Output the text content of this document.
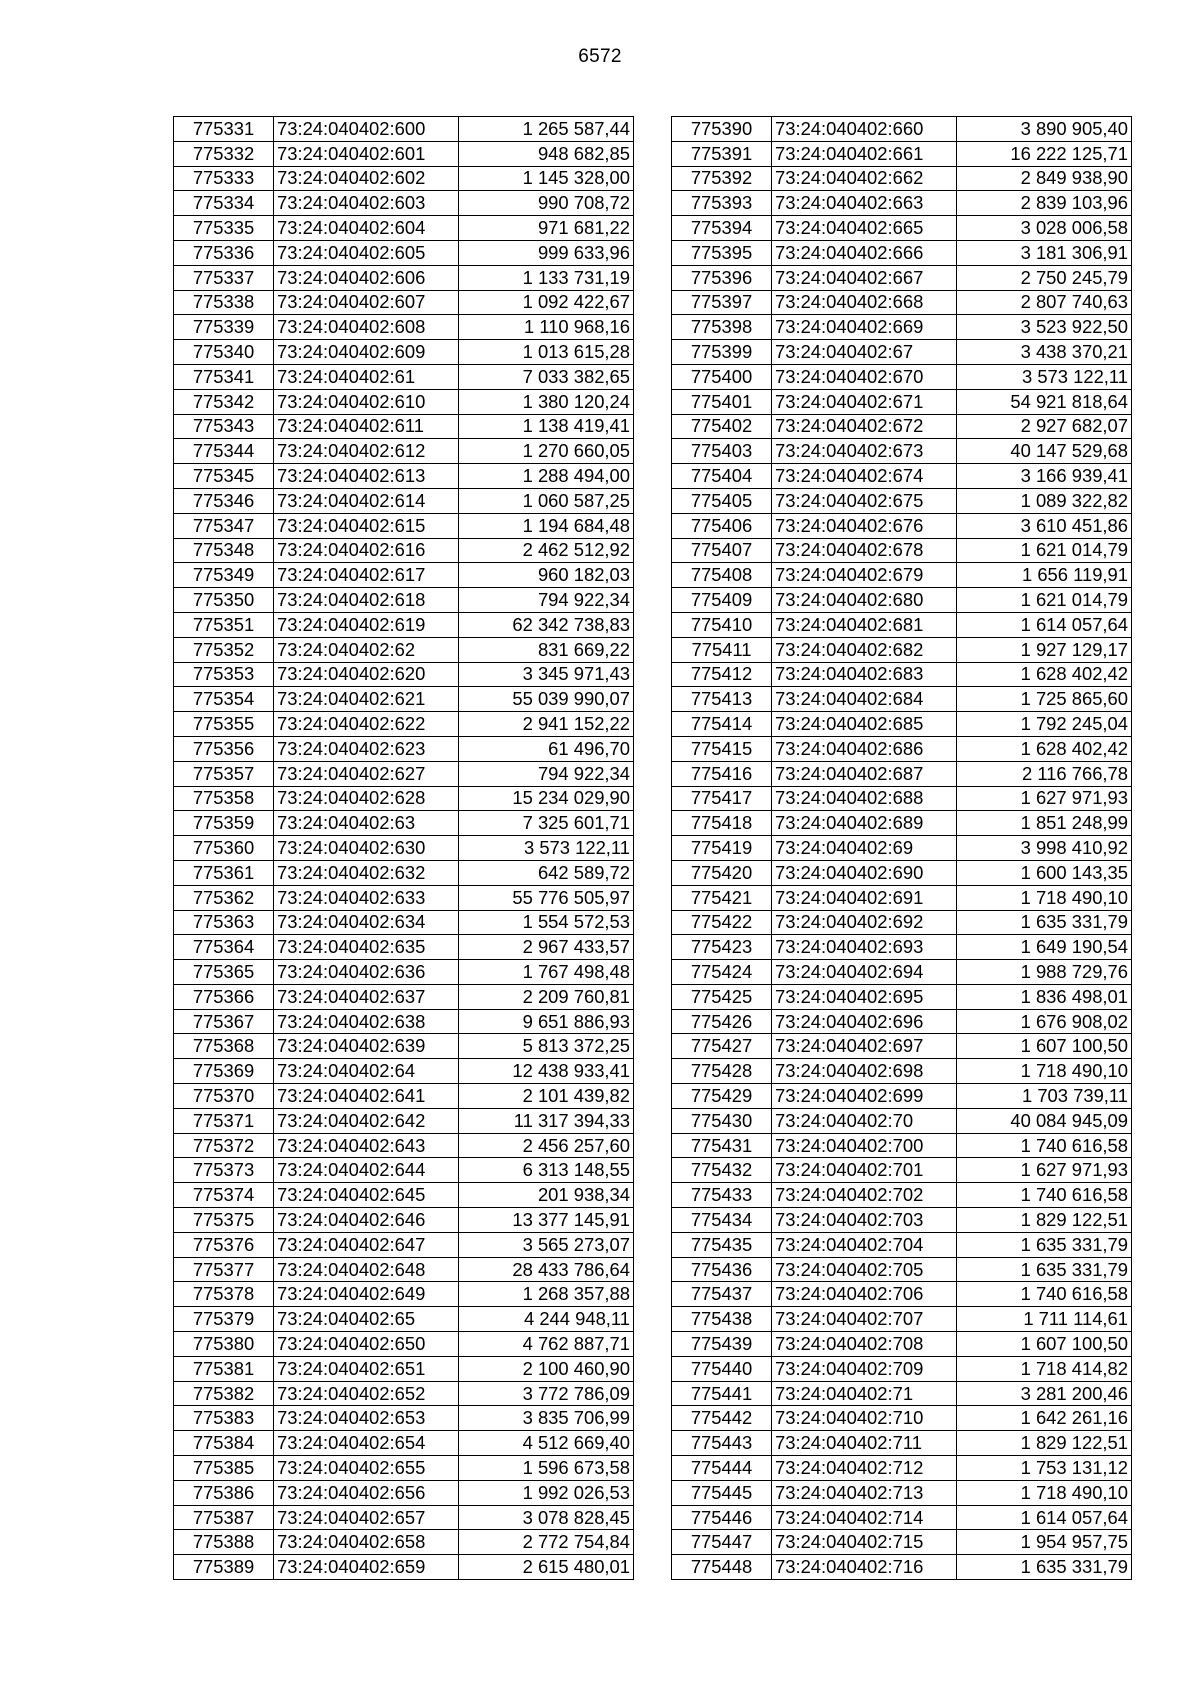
6572
775331	73:24:040402:600	1 265 587,44
775332	73:24:040402:601	948 682,85
775333	73:24:040402:602	1 145 328,00
775334	73:24:040402:603	990 708,72
775335	73:24:040402:604	971 681,22
775336	73:24:040402:605	999 633,96
775337	73:24:040402:606	1 133 731,19
775338	73:24:040402:607	1 092 422,67
775339	73:24:040402:608	1 110 968,16
775340	73:24:040402:609	1 013 615,28
775341	73:24:040402:61	7 033 382,65
775342	73:24:040402:610	1 380 120,24
775343	73:24:040402:611	1 138 419,41
775344	73:24:040402:612	1 270 660,05
775345	73:24:040402:613	1 288 494,00
775346	73:24:040402:614	1 060 587,25
775347	73:24:040402:615	1 194 684,48
775348	73:24:040402:616	2 462 512,92
775349	73:24:040402:617	960 182,03
775350	73:24:040402:618	794 922,34
775351	73:24:040402:619	62 342 738,83
775352	73:24:040402:62	831 669,22
775353	73:24:040402:620	3 345 971,43
775354	73:24:040402:621	55 039 990,07
775355	73:24:040402:622	2 941 152,22
775356	73:24:040402:623	61 496,70
775357	73:24:040402:627	794 922,34
775358	73:24:040402:628	15 234 029,90
775359	73:24:040402:63	7 325 601,71
775360	73:24:040402:630	3 573 122,11
775361	73:24:040402:632	642 589,72
775362	73:24:040402:633	55 776 505,97
775363	73:24:040402:634	1 554 572,53
775364	73:24:040402:635	2 967 433,57
775365	73:24:040402:636	1 767 498,48
775366	73:24:040402:637	2 209 760,81
775367	73:24:040402:638	9 651 886,93
775368	73:24:040402:639	5 813 372,25
775369	73:24:040402:64	12 438 933,41
775370	73:24:040402:641	2 101 439,82
775371	73:24:040402:642	11 317 394,33
775372	73:24:040402:643	2 456 257,60
775373	73:24:040402:644	6 313 148,55
775374	73:24:040402:645	201 938,34
775375	73:24:040402:646	13 377 145,91
775376	73:24:040402:647	3 565 273,07
775377	73:24:040402:648	28 433 786,64
775378	73:24:040402:649	1 268 357,88
775379	73:24:040402:65	4 244 948,11
775380	73:24:040402:650	4 762 887,71
775381	73:24:040402:651	2 100 460,90
775382	73:24:040402:652	3 772 786,09
775383	73:24:040402:653	3 835 706,99
775384	73:24:040402:654	4 512 669,40
775385	73:24:040402:655	1 596 673,58
775386	73:24:040402:656	1 992 026,53
775387	73:24:040402:657	3 078 828,45
775388	73:24:040402:658	2 772 754,84
775389	73:24:040402:659	2 615 480,01
775390	73:24:040402:660	3 890 905,40
775391	73:24:040402:661	16 222 125,71
775392	73:24:040402:662	2 849 938,90
775393	73:24:040402:663	2 839 103,96
775394	73:24:040402:665	3 028 006,58
775395	73:24:040402:666	3 181 306,91
775396	73:24:040402:667	2 750 245,79
775397	73:24:040402:668	2 807 740,63
775398	73:24:040402:669	3 523 922,50
775399	73:24:040402:67	3 438 370,21
775400	73:24:040402:670	3 573 122,11
775401	73:24:040402:671	54 921 818,64
775402	73:24:040402:672	2 927 682,07
775403	73:24:040402:673	40 147 529,68
775404	73:24:040402:674	3 166 939,41
775405	73:24:040402:675	1 089 322,82
775406	73:24:040402:676	3 610 451,86
775407	73:24:040402:678	1 621 014,79
775408	73:24:040402:679	1 656 119,91
775409	73:24:040402:680	1 621 014,79
775410	73:24:040402:681	1 614 057,64
775411	73:24:040402:682	1 927 129,17
775412	73:24:040402:683	1 628 402,42
775413	73:24:040402:684	1 725 865,60
775414	73:24:040402:685	1 792 245,04
775415	73:24:040402:686	1 628 402,42
775416	73:24:040402:687	2 116 766,78
775417	73:24:040402:688	1 627 971,93
775418	73:24:040402:689	1 851 248,99
775419	73:24:040402:69	3 998 410,92
775420	73:24:040402:690	1 600 143,35
775421	73:24:040402:691	1 718 490,10
775422	73:24:040402:692	1 635 331,79
775423	73:24:040402:693	1 649 190,54
775424	73:24:040402:694	1 988 729,76
775425	73:24:040402:695	1 836 498,01
775426	73:24:040402:696	1 676 908,02
775427	73:24:040402:697	1 607 100,50
775428	73:24:040402:698	1 718 490,10
775429	73:24:040402:699	1 703 739,11
775430	73:24:040402:70	40 084 945,09
775431	73:24:040402:700	1 740 616,58
775432	73:24:040402:701	1 627 971,93
775433	73:24:040402:702	1 740 616,58
775434	73:24:040402:703	1 829 122,51
775435	73:24:040402:704	1 635 331,79
775436	73:24:040402:705	1 635 331,79
775437	73:24:040402:706	1 740 616,58
775438	73:24:040402:707	1 711 114,61
775439	73:24:040402:708	1 607 100,50
775440	73:24:040402:709	1 718 414,82
775441	73:24:040402:71	3 281 200,46
775442	73:24:040402:710	1 642 261,16
775443	73:24:040402:711	1 829 122,51
775444	73:24:040402:712	1 753 131,12
775445	73:24:040402:713	1 718 490,10
775446	73:24:040402:714	1 614 057,64
775447	73:24:040402:715	1 954 957,75
775448	73:24:040402:716	1 635 331,79
